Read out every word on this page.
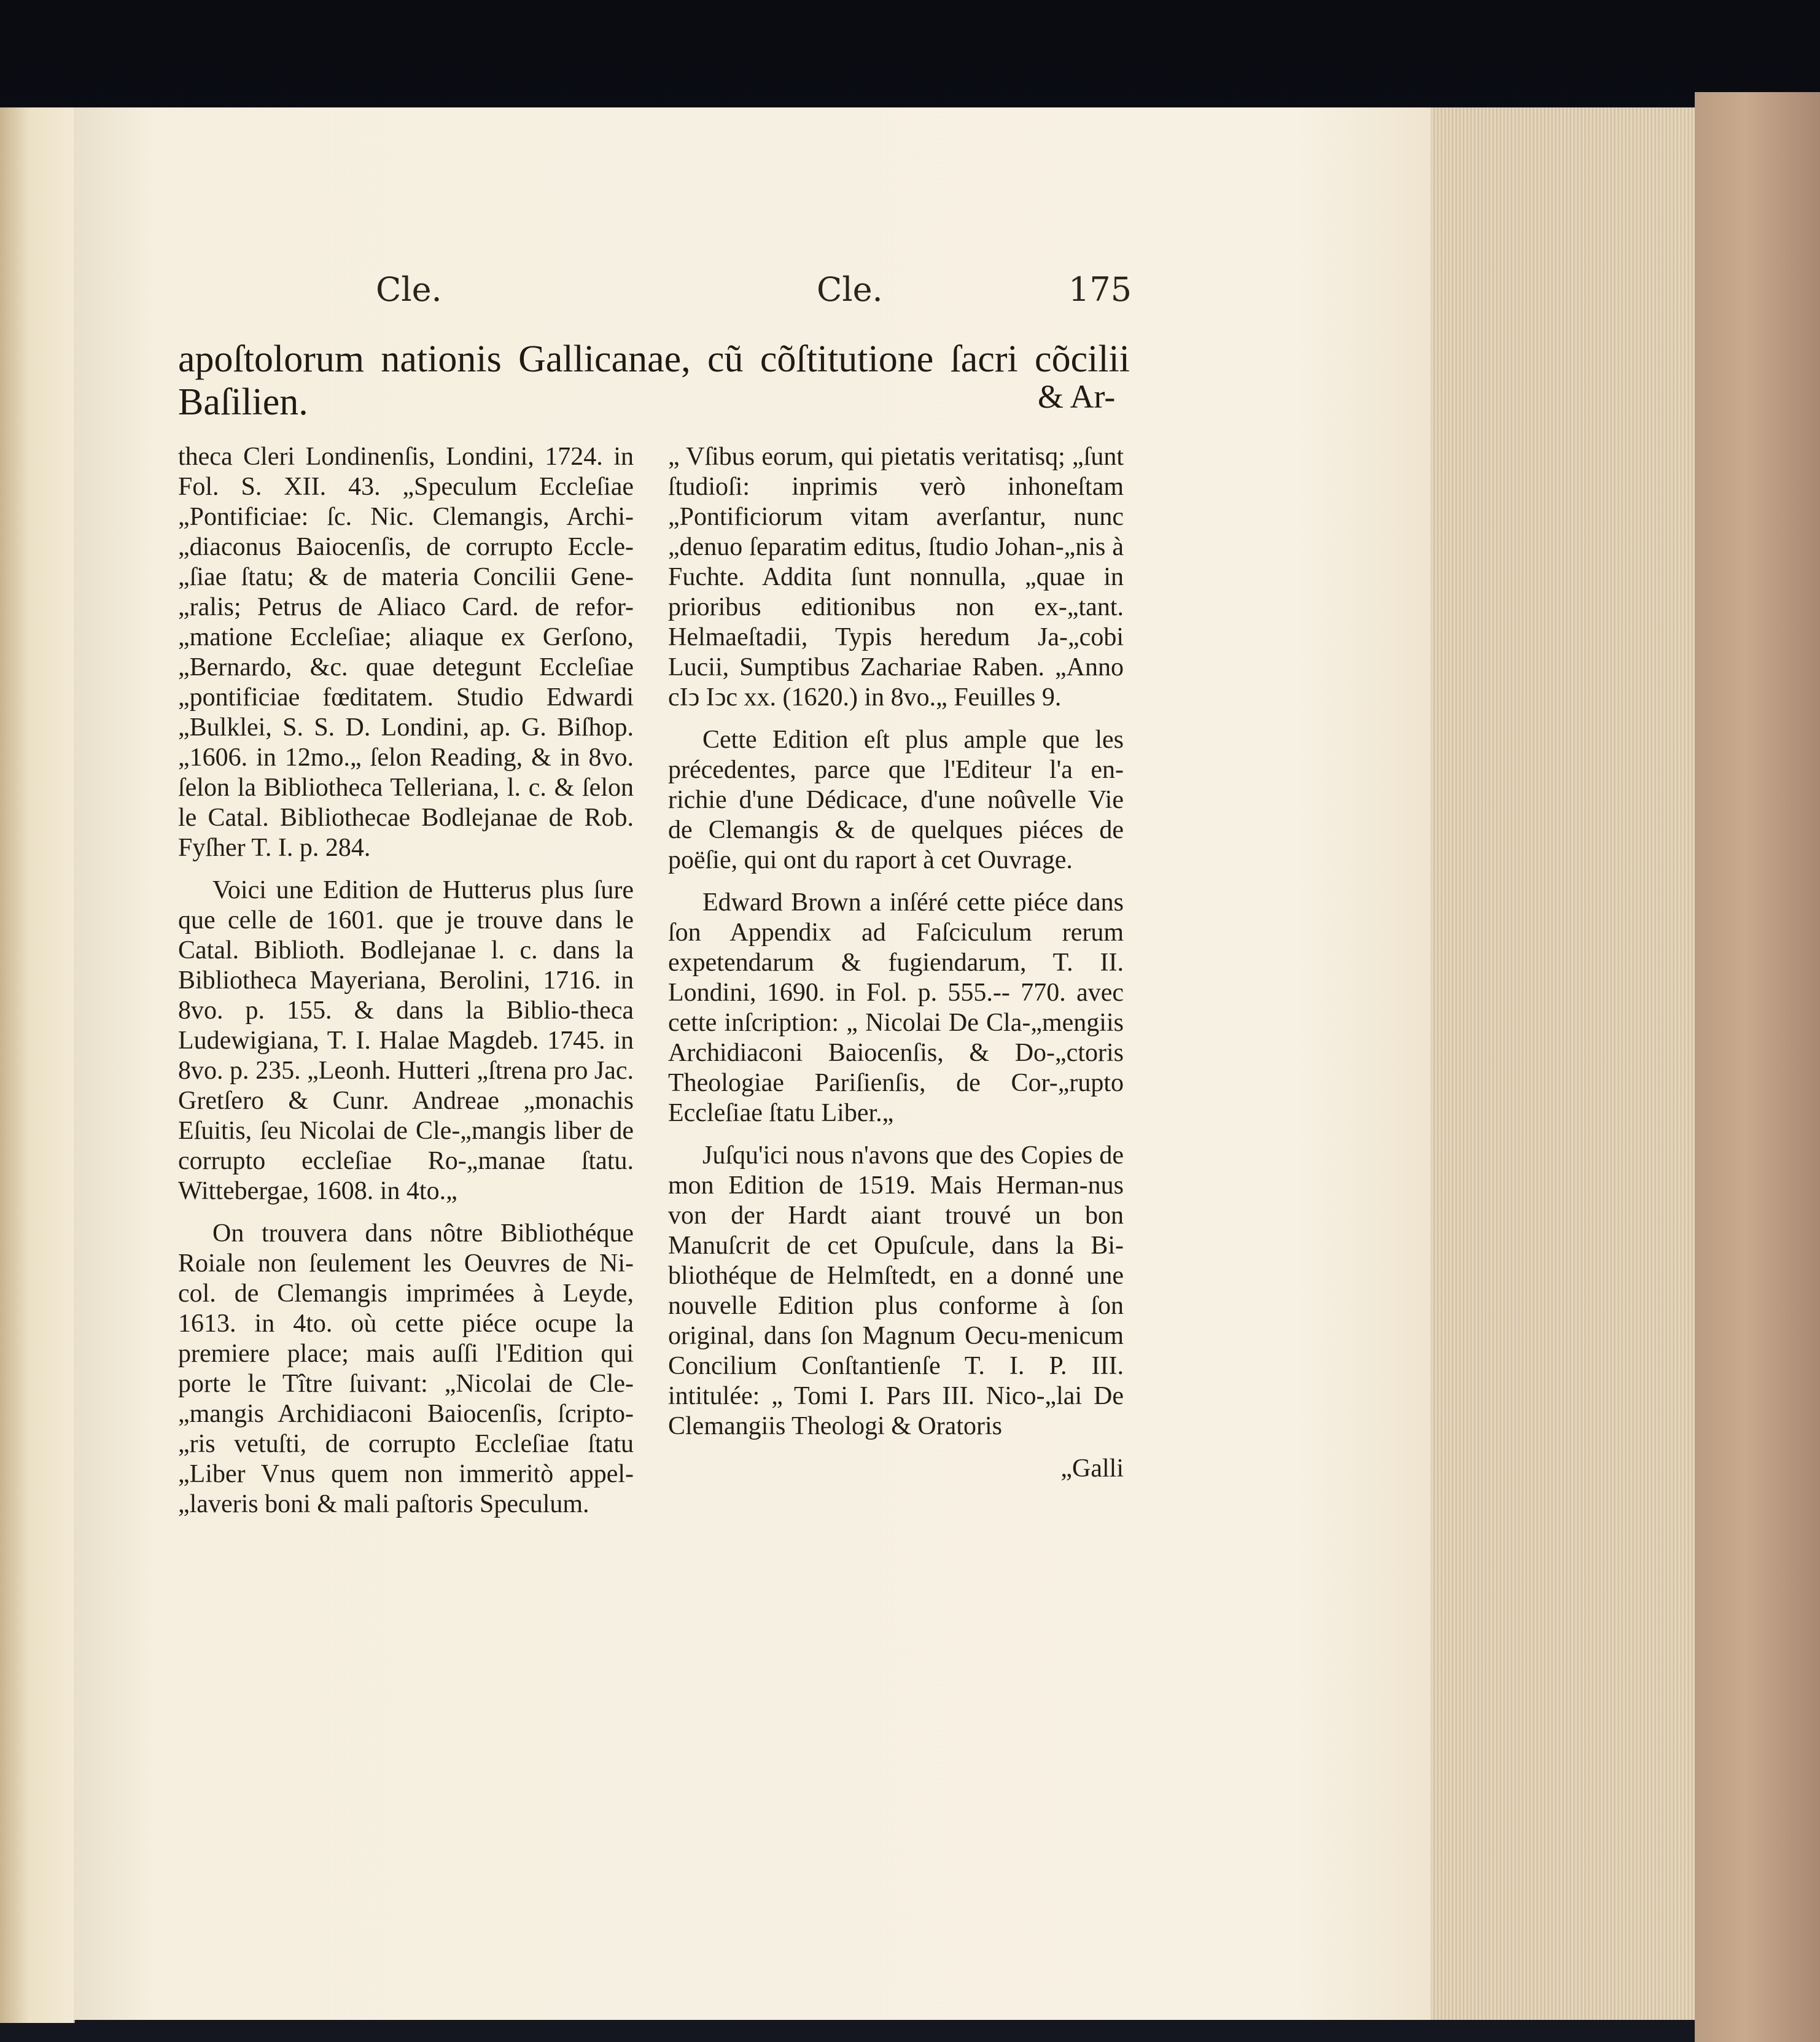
Cle.	Cle.	175
apoſtolorum nationis Gallicanae, cũ cõſtitutione ſacri cõcilii Baſilien.	& Ar-

theca Cleri Londinenſis, Londini, 1724. in Fol. S. XII. 43. „Speculum Eccleſiae „Pontificiae: ſc. Nic. Clemangis, Archi-„diaconus Baiocenſis, de corrupto Eccle-„ſiae ſtatu; & de materia Concilii Gene-„ralis; Petrus de Aliaco Card. de refor-„matione Eccleſiae; aliaque ex Gerſono, „Bernardo, &c. quae detegunt Eccleſiae „pontificiae fœditatem. Studio Edwardi „Bulklei, S. S. D. Londini, ap. G. Biſhop. „1606. in 12mo.„ ſelon Reading, & in 8vo. ſelon la Bibliotheca Telleriana, l. c. & ſelon le Catal. Bibliothecae Bodlejanae de Rob. Fyſher T. I. p. 284.

Voici une Edition de Hutterus plus ſure que celle de 1601. que je trouve dans le Catal. Biblioth. Bodlejanae l. c. dans la Bibliotheca Mayeriana, Berolini, 1716. in 8vo. p. 155. & dans la Biblio-theca Ludewigiana, T. I. Halae Magdeb. 1745. in 8vo. p. 235. „Leonh. Hutteri „ſtrena pro Jac. Gretſero & Cunr. Andreae „monachis Eſuitis, ſeu Nicolai de Cle-„mangis liber de corrupto eccleſiae Ro-„manae ſtatu. Wittebergae, 1608. in 4to.„

On trouvera dans nôtre Bibliothéque Roiale non ſeulement les Oeuvres de Ni-col. de Clemangis imprimées à Leyde, 1613. in 4to. où cette piéce ocupe la premiere place; mais auſſi l'Edition qui porte le Tître ſuivant: „Nicolai de Cle-„mangis Archidiaconi Baiocenſis, ſcripto-„ris vetuſti, de corrupto Eccleſiae ſtatu „Liber Vnus quem non immeritò appel-„laveris boni & mali paſtoris Speculum.

„ Vſibus eorum, qui pietatis veritatisq; „ſunt ſtudioſi: inprimis verò inhoneſtam „Pontificiorum vitam averſantur, nunc „denuo ſeparatim editus, ſtudio Johan-„nis à Fuchte. Addita ſunt nonnulla, „quae in prioribus editionibus non ex-„tant. Helmaeſtadii, Typis heredum Ja-„cobi Lucii, Sumptibus Zachariae Raben. „Anno cIↄ Iↄc xx. (1620.) in 8vo.„ Feuilles 9.

Cette Edition eſt plus ample que les précedentes, parce que l'Editeur l'a en-richie d'une Dédicace, d'une noûvelle Vie de Clemangis & de quelques piéces de poëſie, qui ont du raport à cet Ouvrage.

Edward Brown a inſéré cette piéce dans ſon Appendix ad Faſciculum rerum expetendarum & fugiendarum, T. II. Londini, 1690. in Fol. p. 555.-- 770. avec cette inſcription: „ Nicolai De Cla-„mengiis Archidiaconi Baiocenſis, & Do-„ctoris Theologiae Pariſienſis, de Cor-„rupto Eccleſiae ſtatu Liber.„

Juſqu'ici nous n'avons que des Copies de mon Edition de 1519. Mais Herman-nus von der Hardt aiant trouvé un bon Manuſcrit de cet Opuſcule, dans la Bi-bliothéque de Helmſtedt, en a donné une nouvelle Edition plus conforme à ſon original, dans ſon Magnum Oecu-menicum Concilium Conſtantienſe T. I. P. III. intitulée: „ Tomi I. Pars III. Nico-„lai De Clemangiis Theologi & Oratoris

„Galli
